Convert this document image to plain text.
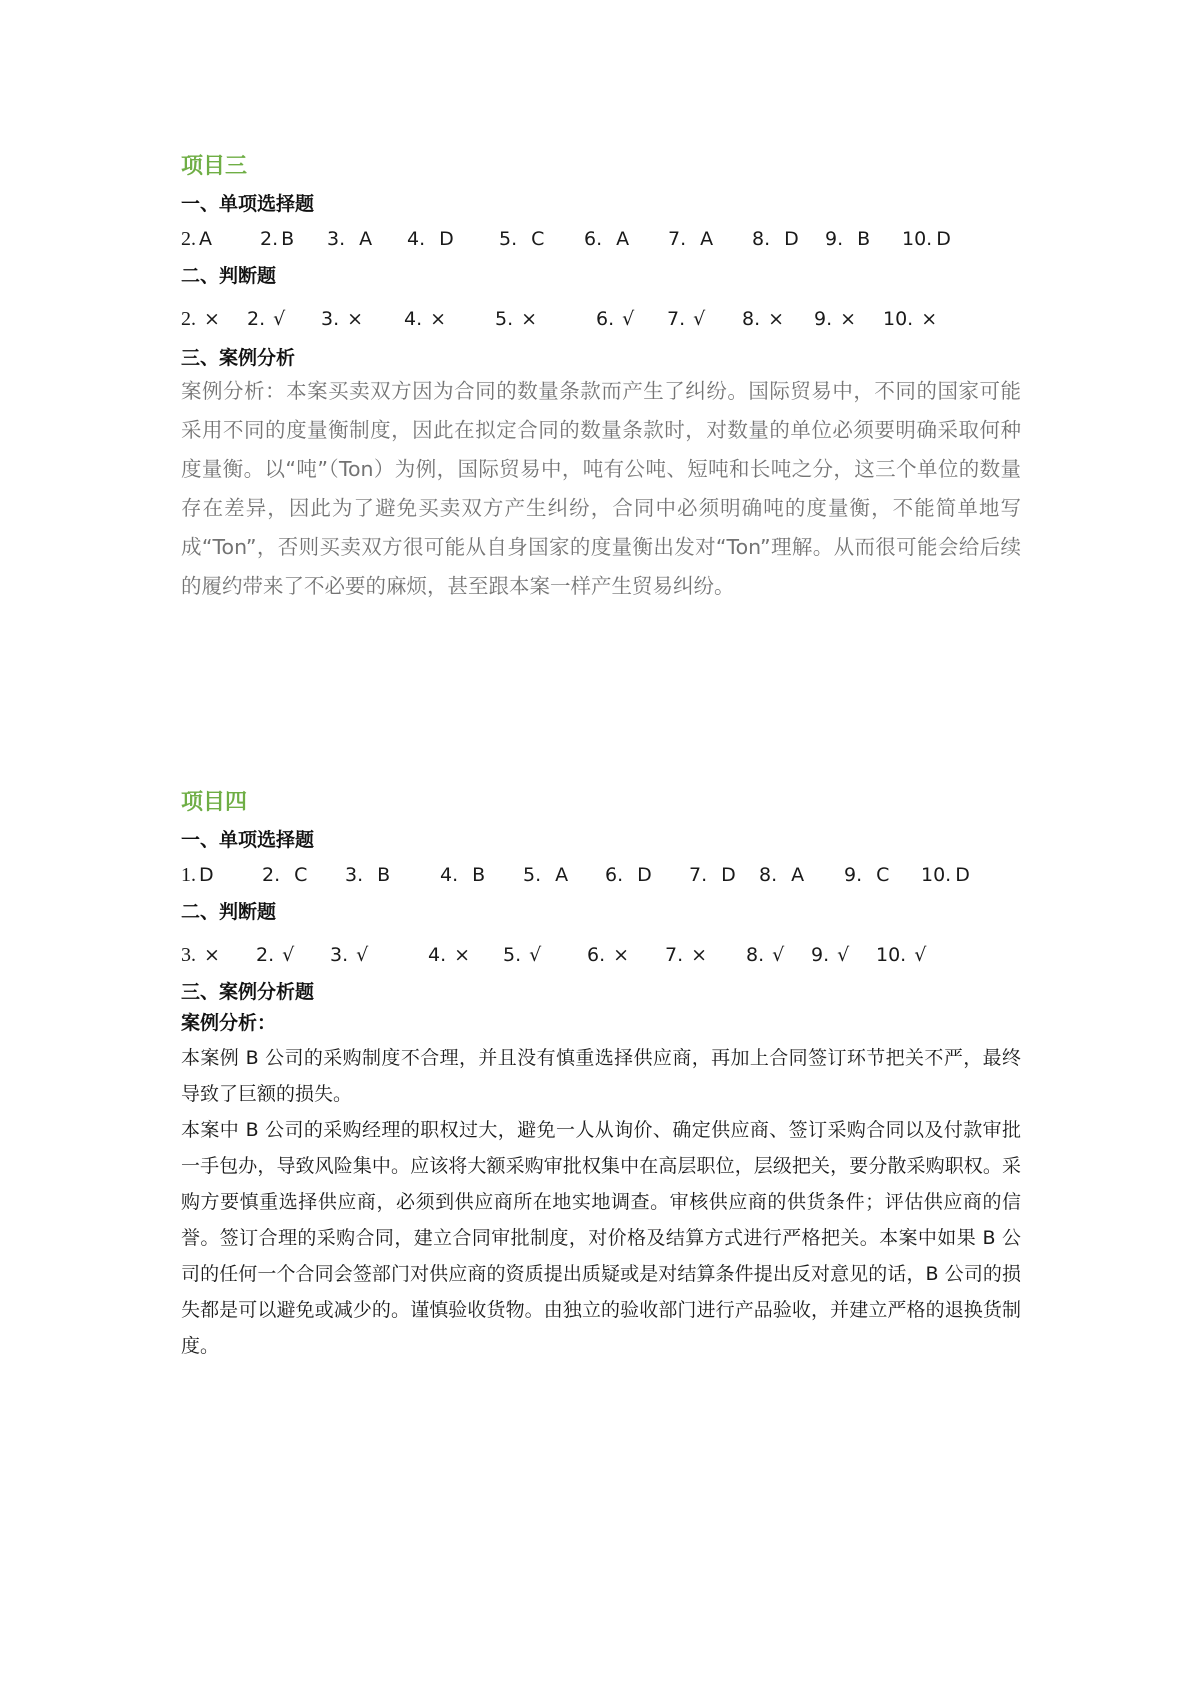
项目三
一、单项选择题
2. A	2. B 3. A 4. D 5. C 6. A 7. A 8. D 9. B 10. D
二、判断题
2. × 2. √ 3. × 4. ×	5. ×	6. √ 7. √ 8. × 9. × 10. ×
三、案例分析

案例分析：本案买卖双方因为合同的数量条款而产生了纠纷。国际贸易中，不同的国家可能采用不同的度量衡制度，因此在拟定合同的数量条款时，对数量的单位必须要明确采取何种度量衡。以“吨”（Ton）为例，国际贸易中，吨有公吨、短吨和长吨之分，这三个单位的数量存在差异，因此为了避免买卖双方产生纠纷，合同中必须明确吨的度量衡，不能简单地写成“Ton”，否则买卖双方很可能从自身国家的度量衡出发对“Ton”理解。从而很可能会给后续的履约带来了不必要的麻烦，甚至跟本案一样产生贸易纠纷。

项目四
一、单项选择题
1. D	2. C 3. B	4. B 5. A 6. D 7. D 8. A 9. C 10. D
二、判断题
3. × 2. √ 3. √	4. × 5. √ 6. × 7. × 8. √ 9. √ 10. √
三、案例分析题
案例分析：

本案例 B 公司的采购制度不合理，并且没有慎重选择供应商，再加上合同签订环节把关不严，最终导致了巨额的损失。

本案中 B 公司的采购经理的职权过大，避免一人从询价、确定供应商、签订采购合同以及付款审批一手包办，导致风险集中。应该将大额采购审批权集中在高层职位，层级把关，要分散采购职权。采购方要慎重选择供应商，必须到供应商所在地实地调查。审核供应商的供货条件；评估供应商的信誉。签订合理的采购合同，建立合同审批制度，对价格及结算方式进行严格把关。本案中如果 B 公司的任何一个合同会签部门对供应商的资质提出质疑或是对结算条件提出反对意见的话，B 公司的损失都是可以避免或减少的。谨慎验收货物。由独立的验收部门进行产品验收，并建立严格的退换货制度。
